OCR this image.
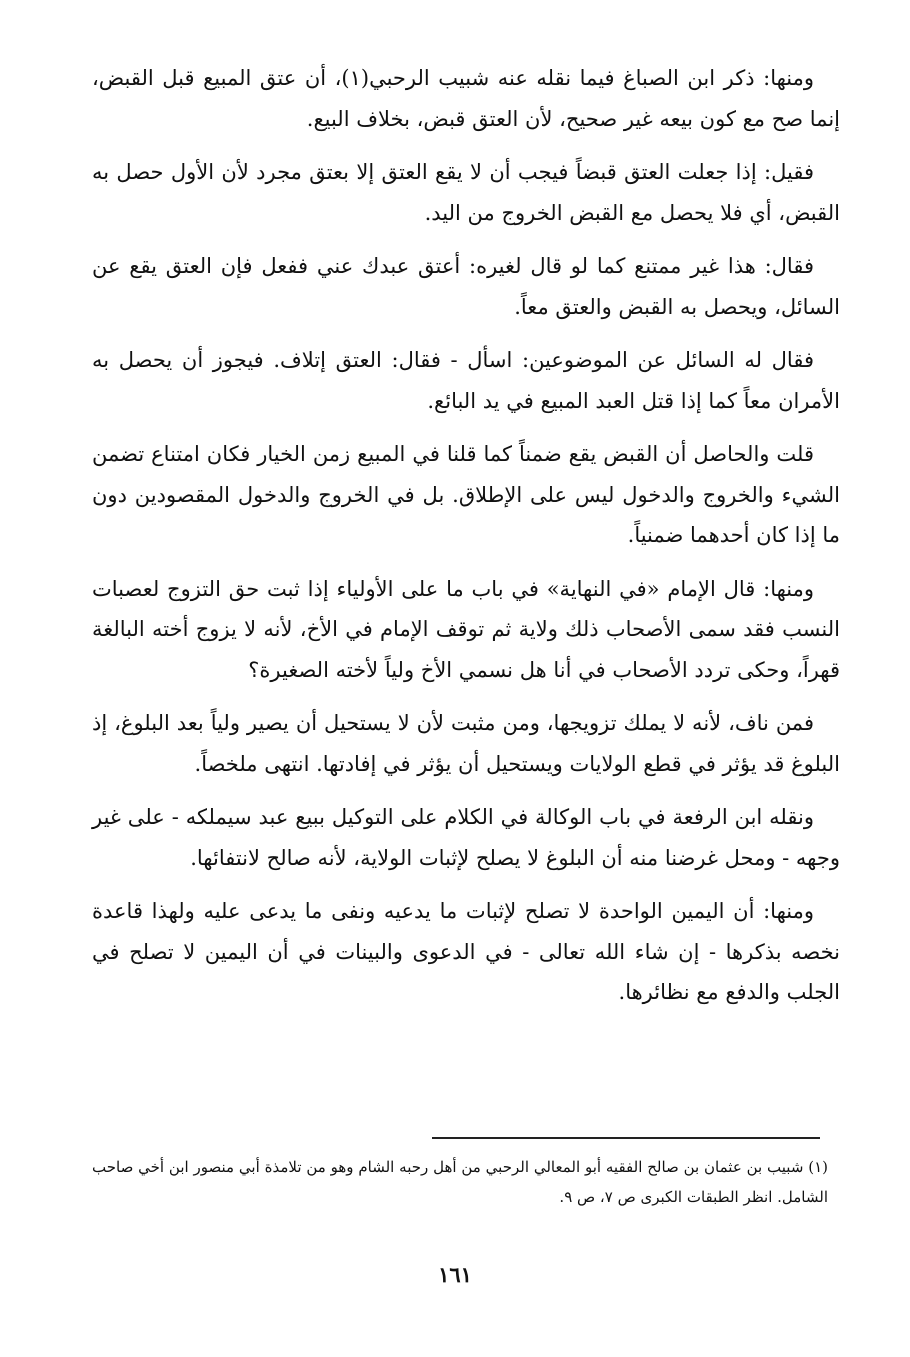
ومنها: ذكر ابن الصباغ فيما نقله عنه شبيب الرحبي(١)، أن عتق المبيع قبل القبض، إنما صح مع كون بيعه غير صحيح، لأن العتق قبض، بخلاف البيع.

فقيل: إذا جعلت العتق قبضاً فيجب أن لا يقع العتق إلا بعتق مجرد لأن الأول حصل به القبض، أي فلا يحصل مع القبض الخروج من اليد.

فقال: هذا غير ممتنع كما لو قال لغيره: أعتق عبدك عني ففعل فإن العتق يقع عن السائل، ويحصل به القبض والعتق معاً.

فقال له السائل عن الموضوعين: اسأل - فقال: العتق إتلاف. فيجوز أن يحصل به الأمران معاً كما إذا قتل العبد المبيع في يد البائع.

قلت والحاصل أن القبض يقع ضمناً كما قلنا في المبيع زمن الخيار فكان امتناع تضمن الشيء والخروج والدخول ليس على الإطلاق. بل في الخروج والدخول المقصودين دون ما إذا كان أحدهما ضمنياً.

ومنها: قال الإمام «في النهاية» في باب ما على الأولياء إذا ثبت حق التزوج لعصبات النسب فقد سمى الأصحاب ذلك ولاية ثم توقف الإمام في الأخ، لأنه لا يزوج أخته البالغة قهراً، وحكى تردد الأصحاب في أنا هل نسمي الأخ ولياً لأخته الصغيرة؟

فمن ناف، لأنه لا يملك تزويجها، ومن مثبت لأن لا يستحيل أن يصير ولياً بعد البلوغ، إذ البلوغ قد يؤثر في قطع الولايات ويستحيل أن يؤثر في إفادتها. انتهى ملخصاً.

ونقله ابن الرفعة في باب الوكالة في الكلام على التوكيل ببيع عبد سيملكه - على غير وجهه - ومحل غرضنا منه أن البلوغ لا يصلح لإثبات الولاية، لأنه صالح لانتفائها.

ومنها: أن اليمين الواحدة لا تصلح لإثبات ما يدعيه ونفى ما يدعى عليه ولهذا قاعدة نخصه بذكرها - إن شاء الله تعالى - في الدعوى والبينات في أن اليمين لا تصلح في الجلب والدفع مع نظائرها.

(١) شبيب بن عثمان بن صالح الفقيه أبو المعالي الرحبي من أهل رحبه الشام وهو من تلامذة أبي منصور ابن أخي صاحب الشامل. انظر الطبقات الكبرى ص ٧، ص ٩.

١٦١
